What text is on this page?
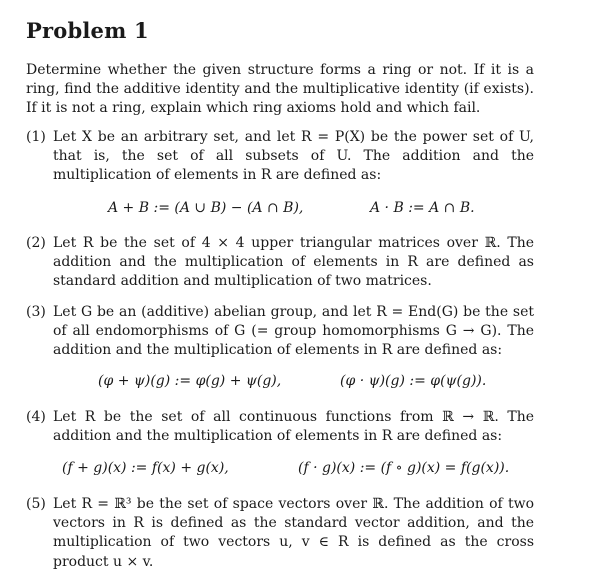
Problem 1
Determine whether the given structure forms a ring or not. If it is a ring, find the additive identity and the multiplicative identity (if exists). If it is not a ring, explain which ring axioms hold and which fail.
(1) Let X be an arbitrary set, and let R = P(X) be the power set of U, that is, the set of all subsets of U. The addition and the multiplication of elements in R are defined as:
A + B := (A ∪ B) − (A ∩ B),	A · B := A ∩ B.
(2) Let R be the set of 4 × 4 upper triangular matrices over ℝ. The addition and the multiplication of elements in R are defined as standard addition and multiplication of two matrices.
(3) Let G be an (additive) abelian group, and let R = End(G) be the set of all endomorphisms of G (= group homomorphisms G → G). The addition and the multiplication of elements in R are defined as:
(φ + ψ)(g) := φ(g) + ψ(g),	(φ · ψ)(g) := φ(ψ(g)).
(4) Let R be the set of all continuous functions from ℝ → ℝ. The addition and the multiplication of elements in R are defined as:
(f + g)(x) := f(x) + g(x),	(f · g)(x) := (f ∘ g)(x) = f(g(x)).
(5) Let R = ℝ³ be the set of space vectors over ℝ. The addition of two vectors in R is defined as the standard vector addition, and the multiplication of two vectors u, v ∈ R is defined as the cross product u × v.
